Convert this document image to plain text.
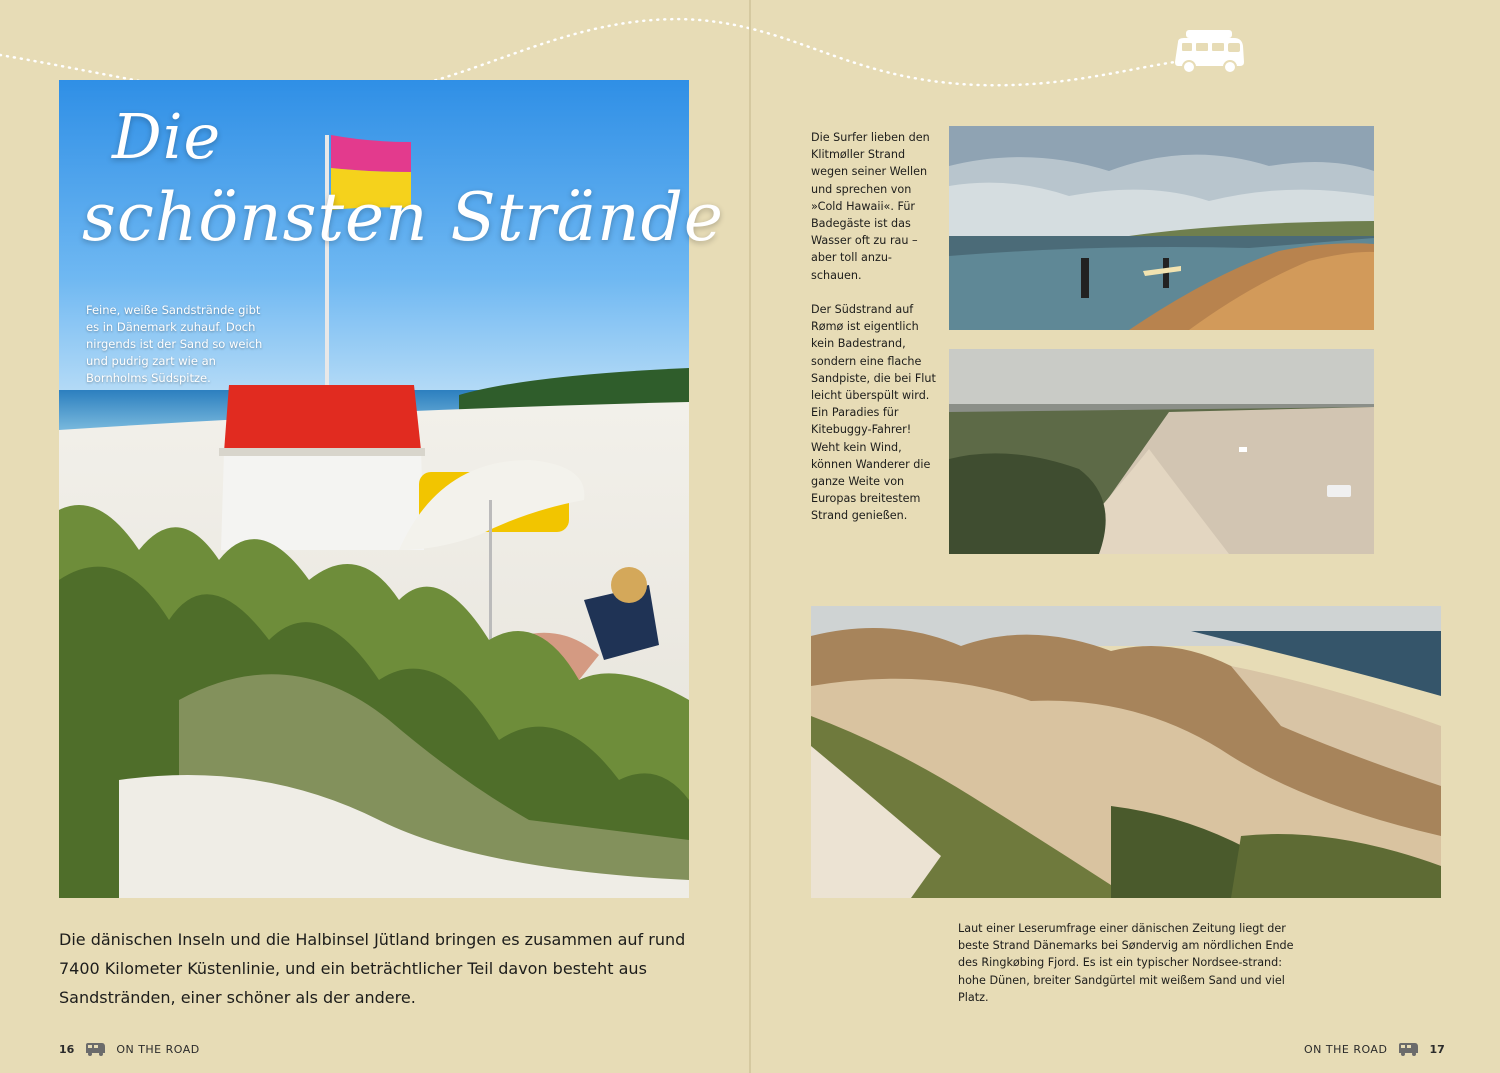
Die
schönsten Strände
Feine, weiße Sandstrände gibt es in Dänemark zuhauf. Doch nirgends ist der Sand so weich und pudrig zart wie an Bornholms Südspitze.
Die dänischen Inseln und die Halbinsel Jütland bringen es zusammen auf rund 7400 Kilometer Küstenlinie, und ein beträchtlicher Teil davon besteht aus Sandstränden, einer schöner als der andere.
16	ON THE ROAD
Die Surfer lieben den Klitmøller Strand wegen seiner Wellen und sprechen von »Cold Hawaii«. Für Badegäste ist das Wasser oft zu rau – aber toll anzu-schauen.
Der Südstrand auf Rømø ist eigentlich kein Badestrand, sondern eine flache Sandpiste, die bei Flut leicht überspült wird. Ein Paradies für Kitebuggy-Fahrer! Weht kein Wind, können Wanderer die ganze Weite von Europas breitestem Strand genießen.
Laut einer Leserumfrage einer dänischen Zeitung liegt der beste Strand Dänemarks bei Søndervig am nördlichen Ende des Ringkøbing Fjord. Es ist ein typischer Nordsee-strand: hohe Dünen, breiter Sandgürtel mit weißem Sand und viel Platz.
ON THE ROAD	17
